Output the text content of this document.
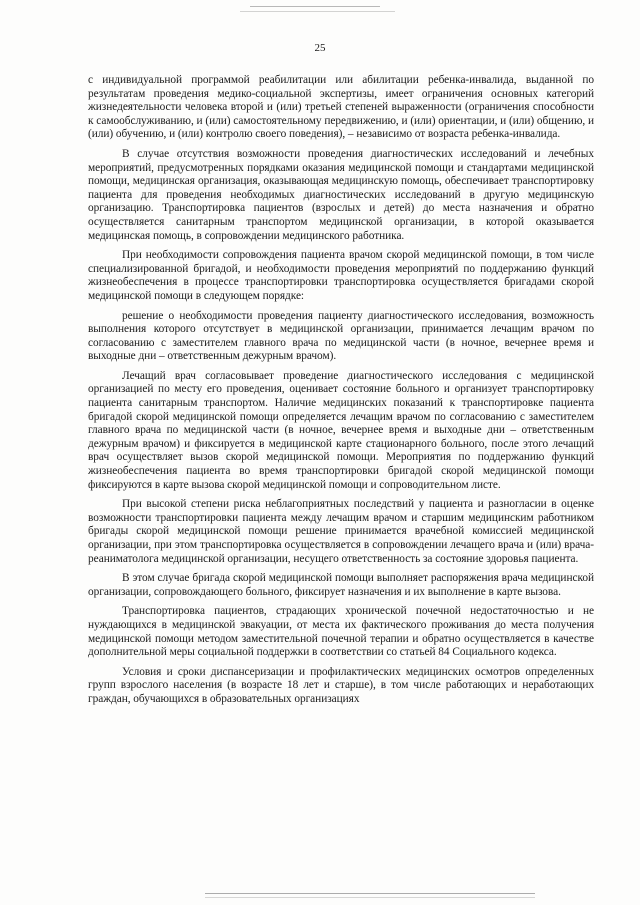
25

с индивидуальной программой реабилитации или абилитации ребенка-инвалида, выданной по результатам проведения медико-социальной экспертизы, имеет ограничения основных категорий жизнедеятельности человека второй и (или) третьей степеней выраженности (ограничения способности к самообслуживанию, и (или) самостоятельному передвижению, и (или) ориентации, и (или) общению, и (или) обучению, и (или) контролю своего поведения), – независимо от возраста ребенка-инвалида.

В случае отсутствия возможности проведения диагностических исследований и лечебных мероприятий, предусмотренных порядками оказания медицинской помощи и стандартами медицинской помощи, медицинская организация, оказывающая медицинскую помощь, обеспечивает транспортировку пациента для проведения необходимых диагностических исследований в другую медицинскую организацию. Транспортировка пациентов (взрослых и детей) до места назначения и обратно осуществляется санитарным транспортом медицинской организации, в которой оказывается медицинская помощь, в сопровождении медицинского работника.

При необходимости сопровождения пациента врачом скорой медицинской помощи, в том числе специализированной бригадой, и необходимости проведения мероприятий по поддержанию функций жизнеобеспечения в процессе транспортировки транспортировка осуществляется бригадами скорой медицинской помощи в следующем порядке:

решение о необходимости проведения пациенту диагностического исследования, возможность выполнения которого отсутствует в медицинской организации, принимается лечащим врачом по согласованию с заместителем главного врача по медицинской части (в ночное, вечернее время и выходные дни – ответственным дежурным врачом).

Лечащий врач согласовывает проведение диагностического исследования с медицинской организацией по месту его проведения, оценивает состояние больного и организует транспортировку пациента санитарным транспортом. Наличие медицинских показаний к транспортировке пациента бригадой скорой медицинской помощи определяется лечащим врачом по согласованию с заместителем главного врача по медицинской части (в ночное, вечернее время и выходные дни – ответственным дежурным врачом) и фиксируется в медицинской карте стационарного больного, после этого лечащий врач осуществляет вызов скорой медицинской помощи. Мероприятия по поддержанию функций жизнеобеспечения пациента во время транспортировки бригадой скорой медицинской помощи фиксируются в карте вызова скорой медицинской помощи и сопроводительном листе.

При высокой степени риска неблагоприятных последствий у пациента и разногласии в оценке возможности транспортировки пациента между лечащим врачом и старшим медицинским работником бригады скорой медицинской помощи решение принимается врачебной комиссией медицинской организации, при этом транспортировка осуществляется в сопровождении лечащего врача и (или) врача-реаниматолога медицинской организации, несущего ответственность за состояние здоровья пациента.

В этом случае бригада скорой медицинской помощи выполняет распоряжения врача медицинской организации, сопровождающего больного, фиксирует назначения и их выполнение в карте вызова.

Транспортировка пациентов, страдающих хронической почечной недостаточностью и не нуждающихся в медицинской эвакуации, от места их фактического проживания до места получения медицинской помощи методом заместительной почечной терапии и обратно осуществляется в качестве дополнительной меры социальной поддержки в соответствии со статьей 84 Социального кодекса.

Условия и сроки диспансеризации и профилактических медицинских осмотров определенных групп взрослого населения (в возрасте 18 лет и старше), в том числе работающих и неработающих граждан, обучающихся в образовательных организациях
